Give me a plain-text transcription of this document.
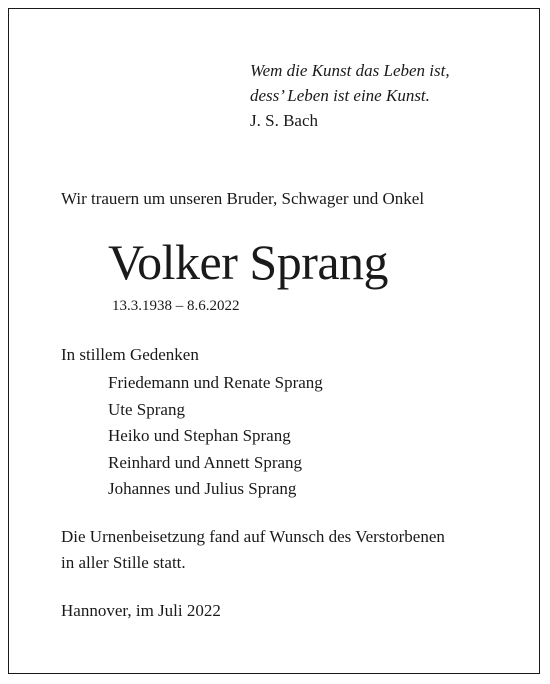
Wem die Kunst das Leben ist,
dess’ Leben ist eine Kunst.
J. S. Bach
Wir trauern um unseren Bruder, Schwager und Onkel
Volker Sprang
13.3.1938 – 8.6.2022
In stillem Gedenken
Friedemann und Renate Sprang
Ute Sprang
Heiko und Stephan Sprang
Reinhard und Annett Sprang
Johannes und Julius Sprang
Die Urnenbeisetzung fand auf Wunsch des Verstorbenen
in aller Stille statt.
Hannover, im Juli 2022
